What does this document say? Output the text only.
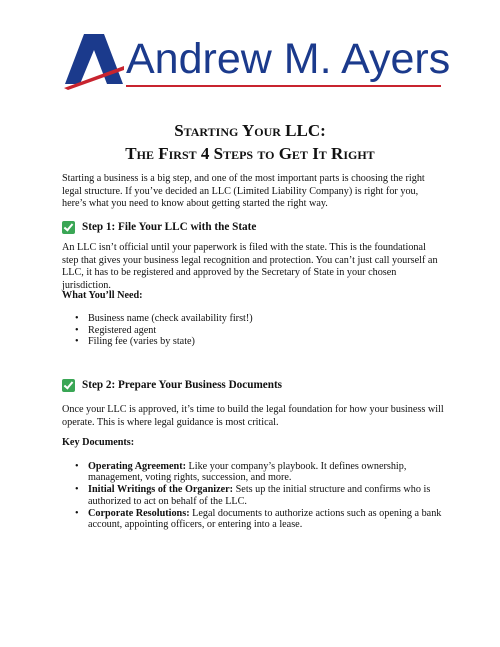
Andrew M. Ayers
Starting Your LLC:
The First 4 Steps to Get It Right
Starting a business is a big step, and one of the most important parts is choosing the right legal structure. If you’ve decided an LLC (Limited Liability Company) is right for you, here’s what you need to know about getting started the right way.
Step 1: File Your LLC with the State
An LLC isn’t official until your paperwork is filed with the state. This is the foundational step that gives your business legal recognition and protection. You can’t just call yourself an LLC, it has to be registered and approved by the Secretary of State in your chosen jurisdiction.
What You’ll Need:
• Business name (check availability first!)
• Registered agent
• Filing fee (varies by state)
Step 2: Prepare Your Business Documents
Once your LLC is approved, it’s time to build the legal foundation for how your business will operate. This is where legal guidance is most critical.
Key Documents:
• Operating Agreement: Like your company’s playbook. It defines ownership, management, voting rights, succession, and more.
• Initial Writings of the Organizer: Sets up the initial structure and confirms who is authorized to act on behalf of the LLC.
• Corporate Resolutions: Legal documents to authorize actions such as opening a bank account, appointing officers, or entering into a lease.
